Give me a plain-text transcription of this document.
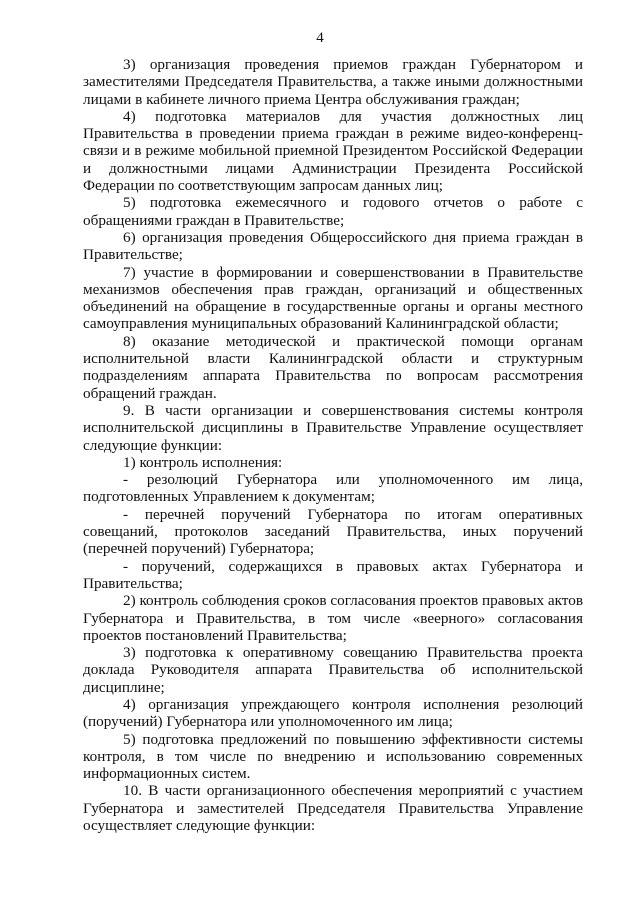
4

3) организация проведения приемов граждан Губернатором и заместителями Председателя Правительства, а также иными должностными лицами в кабинете личного приема Центра обслуживания граждан;

4) подготовка материалов для участия должностных лиц Правительства в проведении приема граждан в режиме видео-конференц-связи и в режиме мобильной приемной Президентом Российской Федерации и должностными лицами Администрации Президента Российской Федерации по соответствующим запросам данных лиц;

5) подготовка ежемесячного и годового отчетов о работе с обращениями граждан в Правительстве;

6) организация проведения Общероссийского дня приема граждан в Правительстве;

7) участие в формировании и совершенствовании в Правительстве механизмов обеспечения прав граждан, организаций и общественных объединений на обращение в государственные органы и органы местного самоуправления муниципальных образований Калининградской области;

8) оказание методической и практической помощи органам исполнительной власти Калининградской области и структурным подразделениям аппарата Правительства по вопросам рассмотрения обращений граждан.

9. В части организации и совершенствования системы контроля исполнительской дисциплины в Правительстве Управление осуществляет следующие функции:

1) контроль исполнения:

- резолюций Губернатора или уполномоченного им лица, подготовленных Управлением к документам;

- перечней поручений Губернатора по итогам оперативных совещаний, протоколов заседаний Правительства, иных поручений (перечней поручений) Губернатора;

- поручений, содержащихся в правовых актах Губернатора и Правительства;

2) контроль соблюдения сроков согласования проектов правовых актов Губернатора и Правительства, в том числе «веерного» согласования проектов постановлений Правительства;

3) подготовка к оперативному совещанию Правительства проекта доклада Руководителя аппарата Правительства об исполнительской дисциплине;

4) организация упреждающего контроля исполнения резолюций (поручений) Губернатора или уполномоченного им лица;

5) подготовка предложений по повышению эффективности системы контроля, в том числе по внедрению и использованию современных информационных систем.

10. В части организационного обеспечения мероприятий с участием Губернатора и заместителей Председателя Правительства Управление осуществляет следующие функции:
